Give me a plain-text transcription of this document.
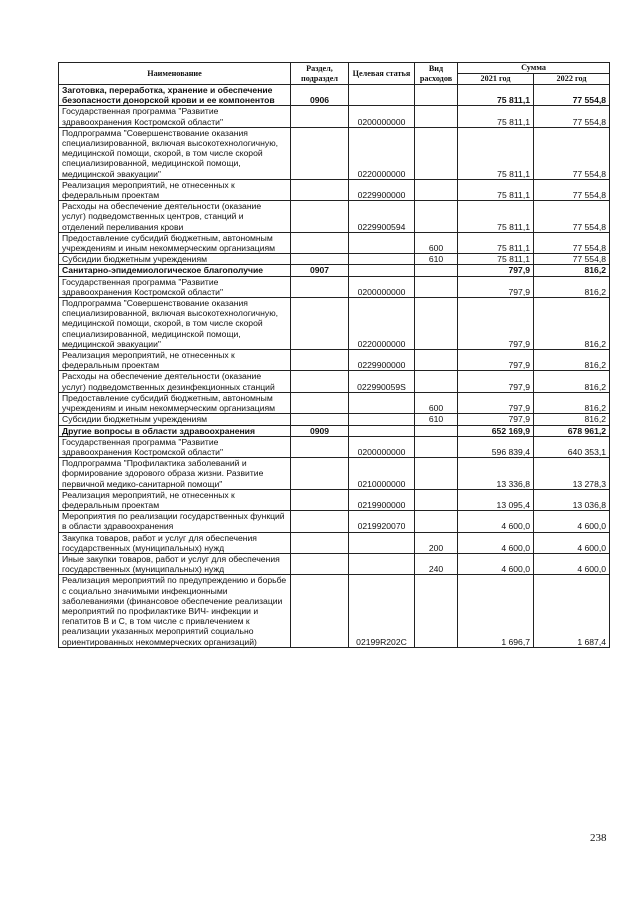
Наименование	Раздел, подраздел	Целевая статья	Вид расходов	Сумма	
				2021 год	2022 год
Заготовка, переработка, хранение и обеспечение безопасности донорской крови и ее компонентов	0906			75 811,1	77 554,8
Государственная программа "Развитие здравоохранения Костромской области"		0200000000		75 811,1	77 554,8
Подпрограмма "Совершенствование оказания специализированной, включая высокотехнологичную, медицинской помощи, скорой, в том числе скорой специализированной, медицинской помощи, медицинской эвакуации"		0220000000		75 811,1	77 554,8
Реализация мероприятий, не отнесенных к федеральным проектам		0229900000		75 811,1	77 554,8
Расходы на обеспечение деятельности (оказание услуг) подведомственных центров, станций и отделений переливания крови		0229900594		75 811,1	77 554,8
Предоставление субсидий бюджетным, автономным учреждениям и иным некоммерческим организациям			600	75 811,1	77 554,8
Субсидии бюджетным учреждениям			610	75 811,1	77 554,8
Санитарно-эпидемиологическое благополучие	0907			797,9	816,2
Государственная программа "Развитие здравоохранения Костромской области"		0200000000		797,9	816,2
Подпрограмма "Совершенствование оказания специализированной, включая высокотехнологичную, медицинской помощи, скорой, в том числе скорой специализированной, медицинской помощи, медицинской эвакуации"		0220000000		797,9	816,2
Реализация мероприятий, не отнесенных к федеральным проектам		0229900000		797,9	816,2
Расходы на обеспечение деятельности (оказание услуг) подведомственных дезинфекционных станций		022990059S		797,9	816,2
Предоставление субсидий бюджетным, автономным учреждениям и иным некоммерческим организациям			600	797,9	816,2
Субсидии бюджетным учреждениям			610	797,9	816,2
Другие вопросы в области здравоохранения	0909			652 169,9	678 961,2
Государственная программа "Развитие здравоохранения Костромской области"		0200000000		596 839,4	640 353,1
Подпрограмма "Профилактика заболеваний и формирование здорового образа жизни. Развитие первичной медико-санитарной помощи"		0210000000		13 336,8	13 278,3
Реализация мероприятий, не отнесенных к федеральным проектам		0219900000		13 095,4	13 036,8
Мероприятия по реализации государственных функций в области здравоохранения		0219920070		4 600,0	4 600,0
Закупка товаров, работ и услуг для обеспечения государственных (муниципальных) нужд			200	4 600,0	4 600,0
Иные закупки товаров, работ и услуг для обеспечения государственных (муниципальных) нужд			240	4 600,0	4 600,0
Реализация мероприятий по предупреждению и борьбе с социально значимыми инфекционными заболеваниями (финансовое обеспечение реализации мероприятий по профилактике ВИЧ- инфекции и гепатитов В и С, в том числе с привлечением к реализации указанных мероприятий социально ориентированных некоммерческих организаций)		02199R202C		1 696,7	1 687,4
238
